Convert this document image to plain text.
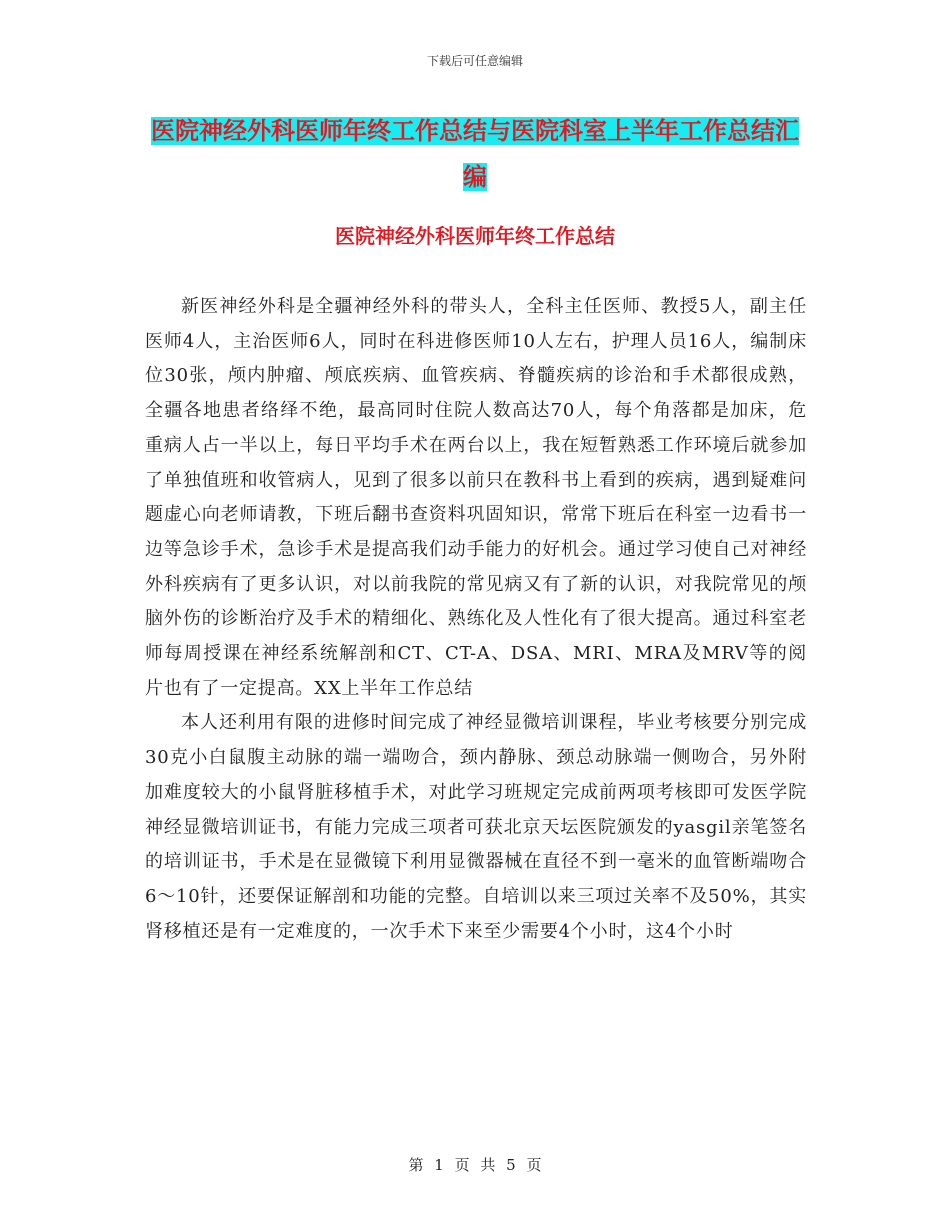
下载后可任意编辑
医院神经外科医师年终工作总结与医院科室上半年工作总结汇编
医院神经外科医师年终工作总结

新医神经外科是全疆神经外科的带头人，全科主任医师、教授5人，副主任医师4人，主治医师6人，同时在科进修医师10人左右，护理人员16人，编制床位30张，颅内肿瘤、颅底疾病、血管疾病、脊髓疾病的诊治和手术都很成熟，全疆各地患者络绎不绝，最高同时住院人数高达70人，每个角落都是加床，危重病人占一半以上，每日平均手术在两台以上，我在短暂熟悉工作环境后就参加了单独值班和收管病人，见到了很多以前只在教科书上看到的疾病，遇到疑难问题虚心向老师请教，下班后翻书查资料巩固知识，常常下班后在科室一边看书一边等急诊手术，急诊手术是提高我们动手能力的好机会。通过学习使自己对神经外科疾病有了更多认识，对以前我院的常见病又有了新的认识，对我院常见的颅脑外伤的诊断治疗及手术的精细化、熟练化及人性化有了很大提高。通过科室老师每周授课在神经系统解剖和CT、CT-A、DSA、MRI、MRA及MRV等的阅片也有了一定提高。XX上半年工作总结

本人还利用有限的进修时间完成了神经显微培训课程，毕业考核要分别完成30克小白鼠腹主动脉的端一端吻合，颈内静脉、颈总动脉端一侧吻合，另外附加难度较大的小鼠肾脏移植手术，对此学习班规定完成前两项考核即可发医学院神经显微培训证书，有能力完成三项者可获北京天坛医院颁发的yasgil亲笔签名的培训证书，手术是在显微镜下利用显微器械在直径不到一毫米的血管断端吻合6～10针，还要保证解剖和功能的完整。自培训以来三项过关率不及50%，其实肾移植还是有一定难度的，一次手术下来至少需要4个小时，这4个小时

第 1 页 共 5 页
